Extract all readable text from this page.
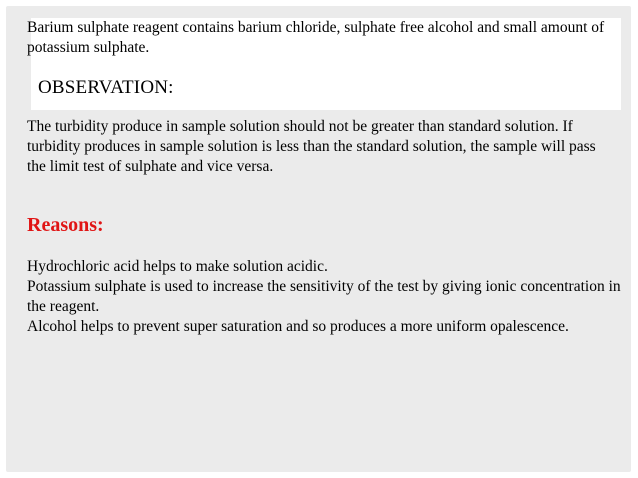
Barium sulphate reagent contains barium chloride, sulphate free alcohol and small amount of potassium sulphate.

OBSERVATION:

The turbidity produce in sample solution should not be greater than standard solution. If turbidity produces in sample solution is less than the standard solution, the sample will pass the limit test of sulphate and vice versa.

Reasons:
Hydrochloric acid helps to make solution acidic.
Potassium sulphate is used to increase the sensitivity of the test by giving ionic concentration in the reagent.
Alcohol helps to prevent super saturation and so produces a more uniform opalescence.
